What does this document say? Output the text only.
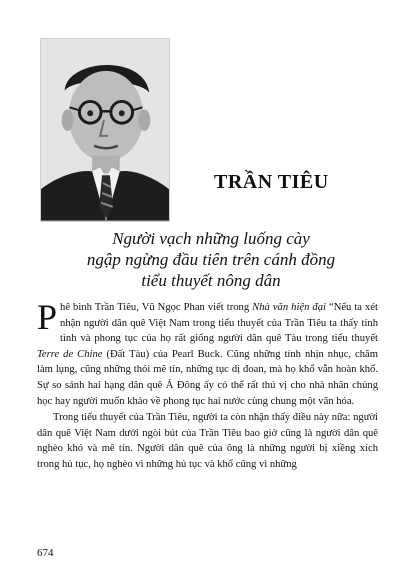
TRẦN TIÊU
Người vạch những luống cày
ngập ngừng đầu tiên trên cánh đồng
tiểu thuyết nông dân

Phê bình Trần Tiêu, Vũ Ngọc Phan viết trong Nhà văn hiện đại “Nếu ta xét nhận người dân quê Việt Nam trong tiểu thuyết của Trần Tiêu ta thấy tính tình và phong tục của họ rất giống người dân quê Tàu trong tiểu thuyết Terre de Chine (Đất Tàu) của Pearl Buck. Cũng những tính nhịn nhục, chăm làm lụng, cũng những thói mê tín, những tục dị đoan, mà họ khổ vẫn hoàn khổ. Sự so sánh hai hạng dân quê Á Đông ấy có thể rất thú vị cho nhà nhân chủng học hay người muốn khảo về phong tục hai nước cùng chung một văn hóa.

Trong tiểu thuyết của Trần Tiêu, người ta còn nhận thấy điều này nữa: người dân quê Việt Nam dưới ngòi bút của Trần Tiêu bao giờ cũng là người dân quê nghèo khó và mê tín. Người dân quê của ông là những người bị xiềng xích trong hủ tục, họ nghèo vì những hủ tục và khổ cũng vì những

674
